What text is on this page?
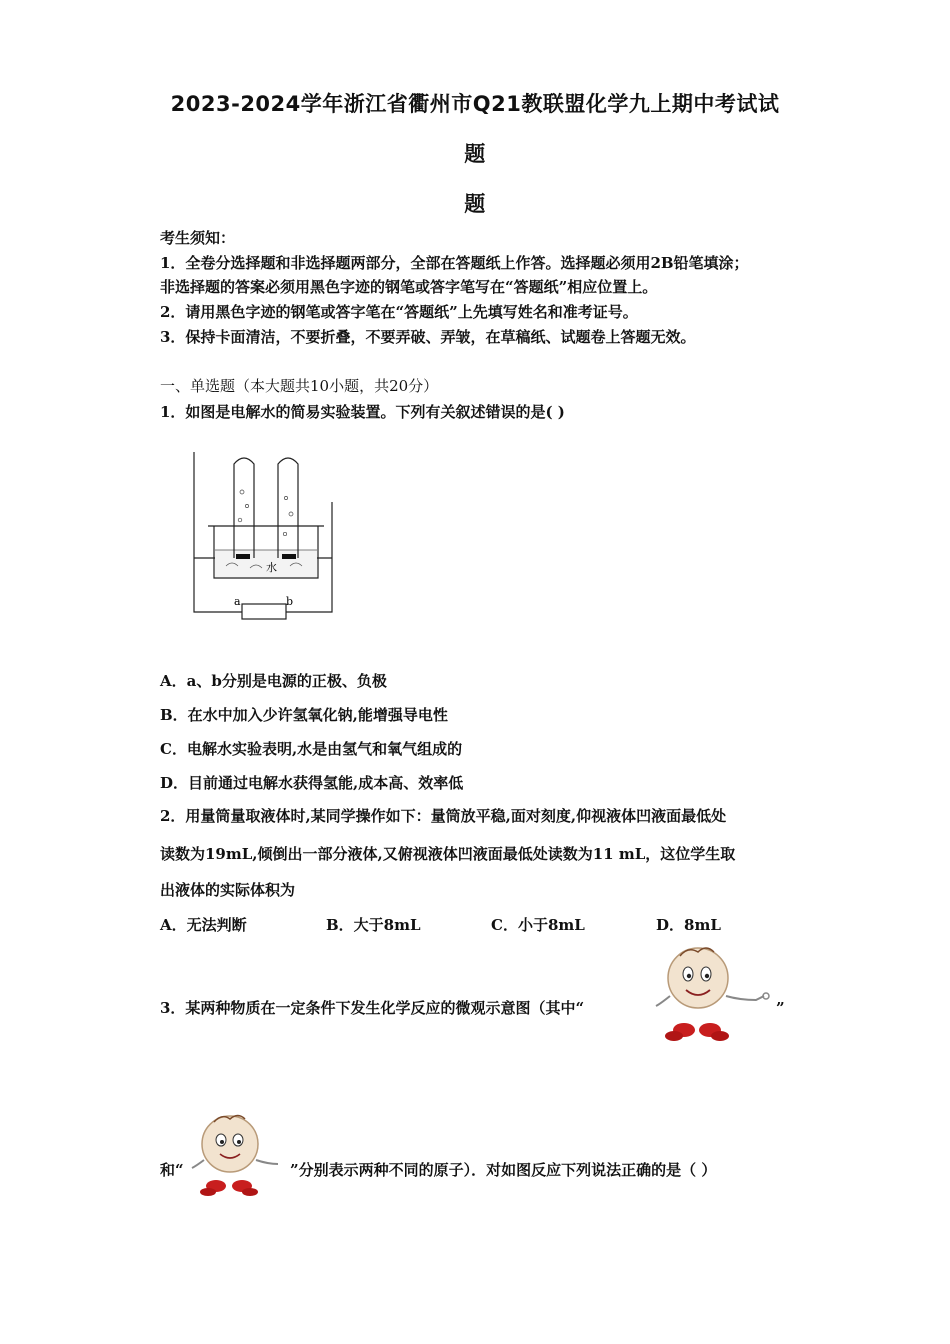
2023-2024学年浙江省衢州市Q21教联盟化学九上期中考试试
题
题
考生须知：
1．全卷分选择题和非选择题两部分，全部在答题纸上作答。选择题必须用2B铅笔填涂；
非选择题的答案必须用黑色字迹的钢笔或答字笔写在“答题纸”相应位置上。
2．请用黑色字迹的钢笔或答字笔在“答题纸”上先填写姓名和准考证号。
3．保持卡面清洁，不要折叠，不要弄破、弄皱，在草稿纸、试题卷上答题无效。
一、单选题（本大题共10小题，共20分）
1．如图是电解水的简易实验装置。下列有关叙述错误的是( )
水
a	b
A．a、b分别是电源的正极、负极
B．在水中加入少许氢氧化钠,能增强导电性
C．电解水实验表明,水是由氢气和氧气组成的
D．目前通过电解水获得氢能,成本高、效率低
2．用量筒量取液体时,某同学操作如下：量筒放平稳,面对刻度,仰视液体凹液面最低处
读数为19mL,倾倒出一部分液体,又俯视液体凹液面最低处读数为11 mL，这位学生取
出液体的实际体积为
A．无法判断	B．大于8mL	C．小于8mL	D．8mL
3．某两种物质在一定条件下发生化学反应的微观示意图（其中“	”
和“	”分别表示两种不同的原子）．对如图反应下列说法正确的是（ ）
